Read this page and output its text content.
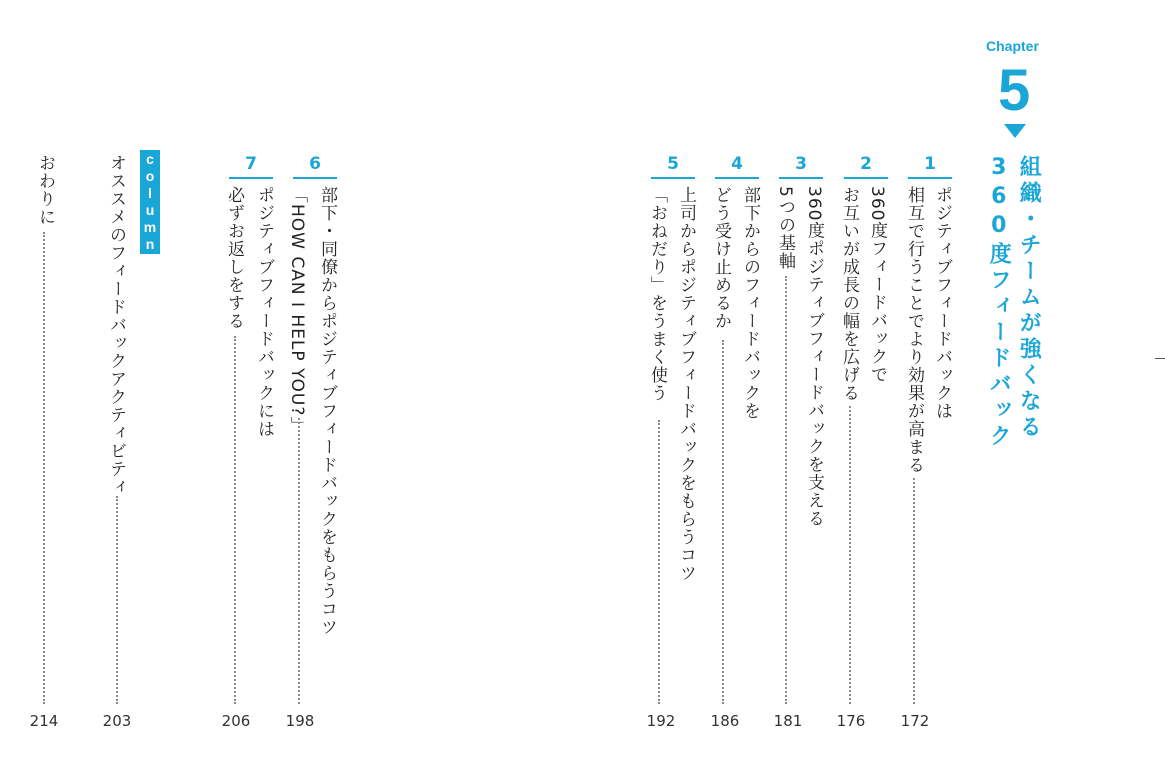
Chapter
5
組織・チームが強くなる
360度フィードバック
1
ポジティブフィードバックは
相互で行うことでより効果が高まる
172
2
360度フィードバックで
お互いが成長の幅を広げる
176
3
360度ポジティブフィードバックを支える
5つの基軸
181
4
部下からのフィードバックを
どう受け止めるか
186
5
上司からポジティブフィードバックをもらうコツ
「おねだり」をうまく使う
192
6
部下・同僚からポジティブフィードバックをもらうコツ
「HOW CAN I HELP YOU?」
198
7
ポジティブフィードバックには
必ずお返しをする
206
column
オススメのフィードバックアクティビティ
203
おわりに
214
